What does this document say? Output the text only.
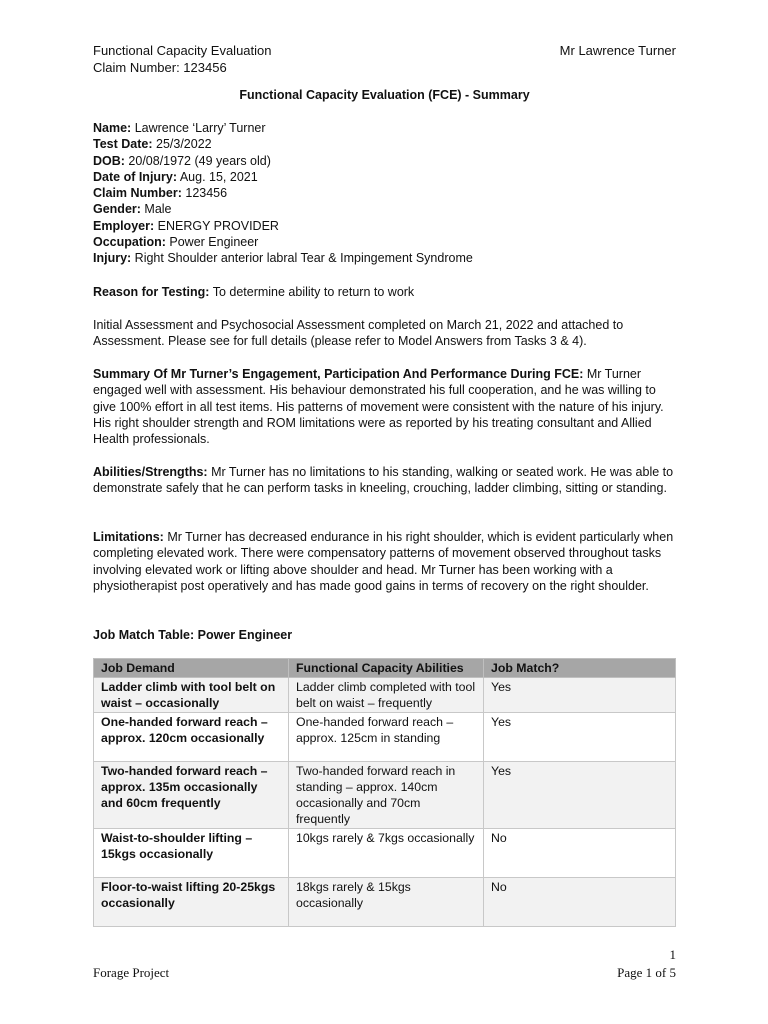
Functional Capacity Evaluation
Claim Number: 123456
Mr Lawrence Turner
Functional Capacity Evaluation (FCE) - Summary
Name: Lawrence ‘Larry’ Turner
Test Date: 25/3/2022
DOB: 20/08/1972 (49 years old)
Date of Injury: Aug. 15, 2021
Claim Number: 123456
Gender: Male
Employer: ENERGY PROVIDER
Occupation: Power Engineer
Injury: Right Shoulder anterior labral Tear & Impingement Syndrome
Reason for Testing: To determine ability to return to work

Initial Assessment and Psychosocial Assessment completed on March 21, 2022 and attached to Assessment. Please see for full details (please refer to Model Answers from Tasks 3 & 4).

Summary Of Mr Turner’s Engagement, Participation And Performance During FCE: Mr Turner engaged well with assessment. His behaviour demonstrated his full cooperation, and he was willing to give 100% effort in all test items. His patterns of movement were consistent with the nature of his injury. His right shoulder strength and ROM limitations were as reported by his treating consultant and Allied Health professionals.

Abilities/Strengths: Mr Turner has no limitations to his standing, walking or seated work. He was able to demonstrate safely that he can perform tasks in kneeling, crouching, ladder climbing, sitting or standing.

Limitations: Mr Turner has decreased endurance in his right shoulder, which is evident particularly when completing elevated work. There were compensatory patterns of movement observed throughout tasks involving elevated work or lifting above shoulder and head. Mr Turner has been working with a physiotherapist post operatively and has made good gains in terms of recovery on the right shoulder.

Job Match Table: Power Engineer
Job Demand	Functional Capacity Abilities	Job Match?
Ladder climb with tool belt on waist – occasionally	Ladder climb completed with tool belt on waist – frequently	Yes
One-handed forward reach – approx. 120cm occasionally	One-handed forward reach – approx. 125cm in standing	Yes
Two-handed forward reach – approx. 135m occasionally and 60cm frequently	Two-handed forward reach in standing – approx. 140cm occasionally and 70cm frequently	Yes
Waist-to-shoulder lifting – 15kgs occasionally	10kgs rarely & 7kgs occasionally	No
Floor-to-waist lifting 20-25kgs occasionally	18kgs rarely & 15kgs occasionally	No
1
Forage Project	Page 1 of 5
